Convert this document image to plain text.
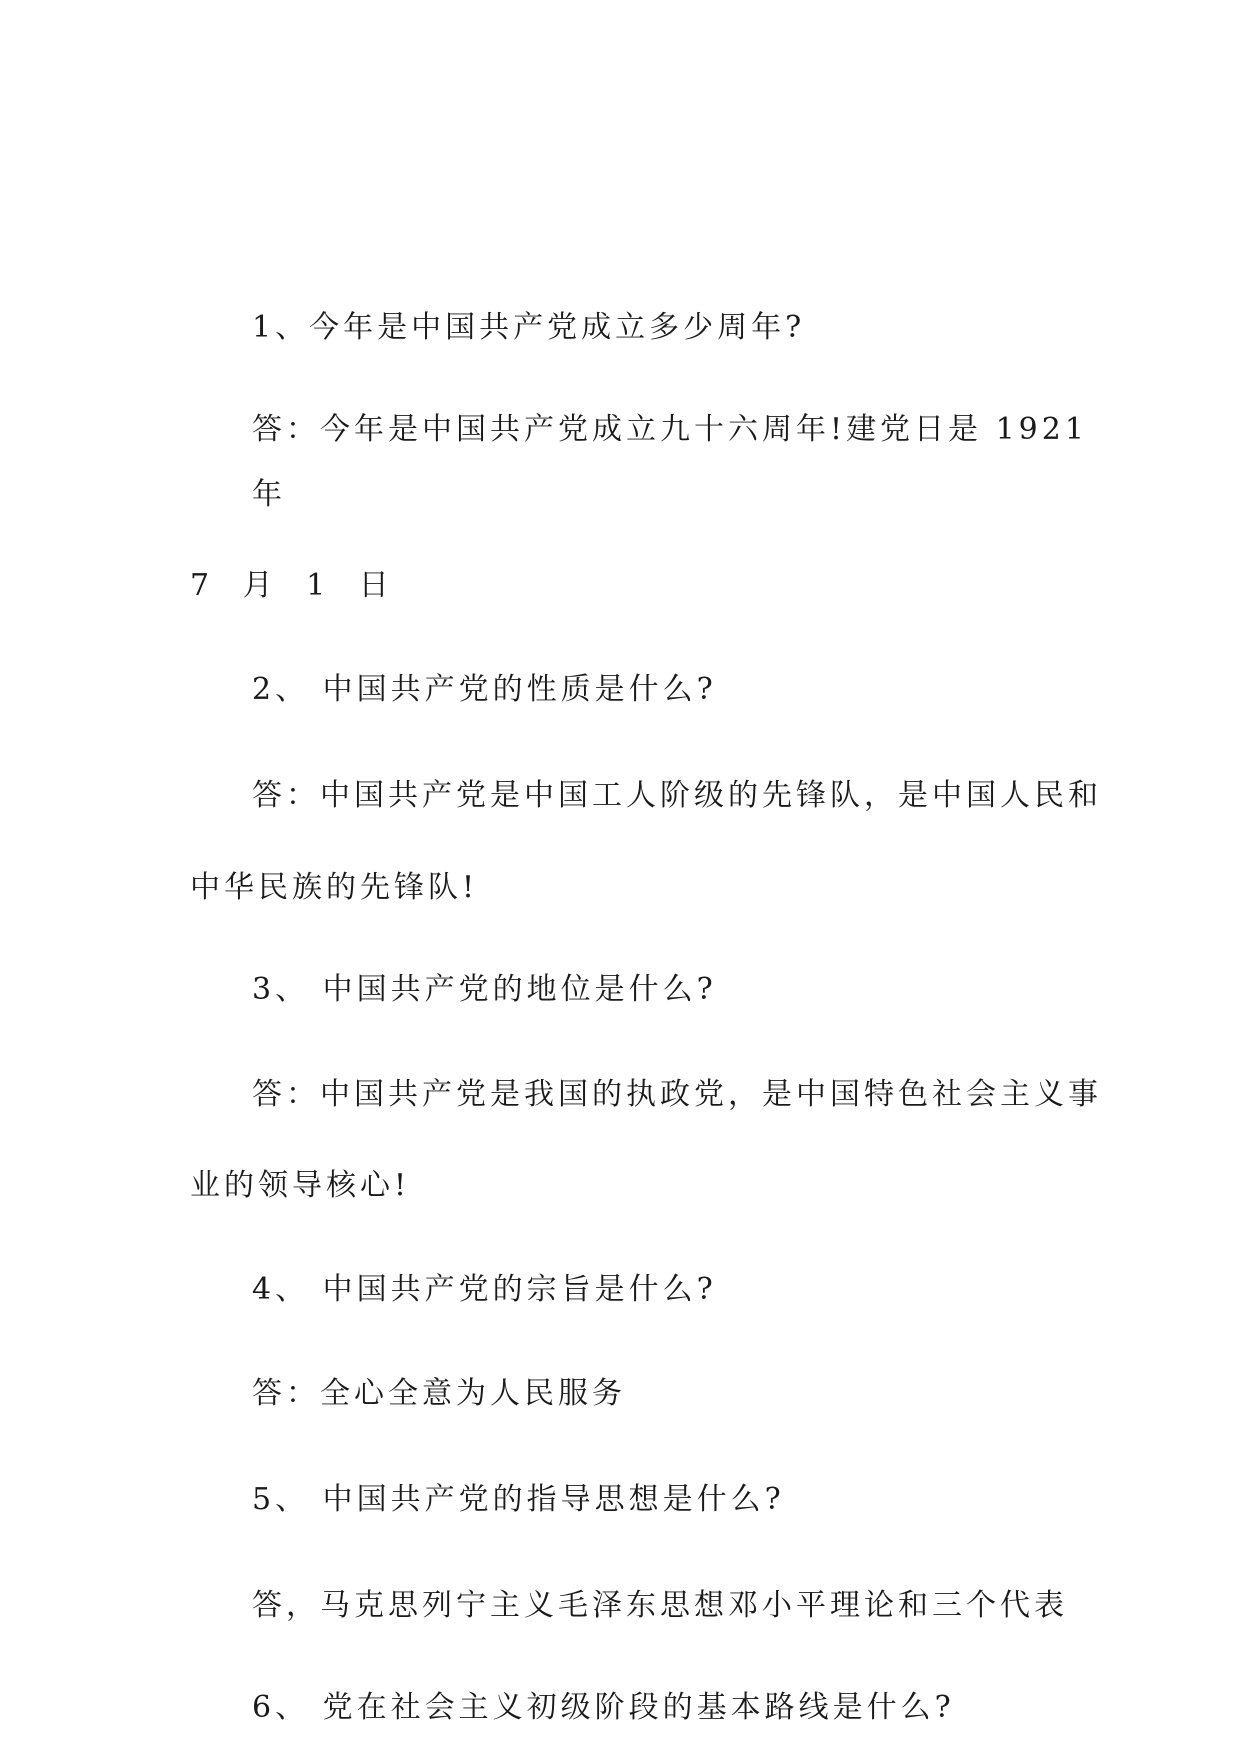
1、今年是中国共产党成立多少周年?
答：今年是中国共产党成立九十六周年!建党日是 1921
年
7 月 1 日
2、 中国共产党的性质是什么?
答：中国共产党是中国工人阶级的先锋队，是中国人民和
中华民族的先锋队!
3、 中国共产党的地位是什么?
答：中国共产党是我国的执政党，是中国特色社会主义事
业的领导核心!
4、 中国共产党的宗旨是什么?
答：全心全意为人民服务
5、 中国共产党的指导思想是什么?
答，马克思列宁主义毛泽东思想邓小平理论和三个代表
6、 党在社会主义初级阶段的基本路线是什么?
